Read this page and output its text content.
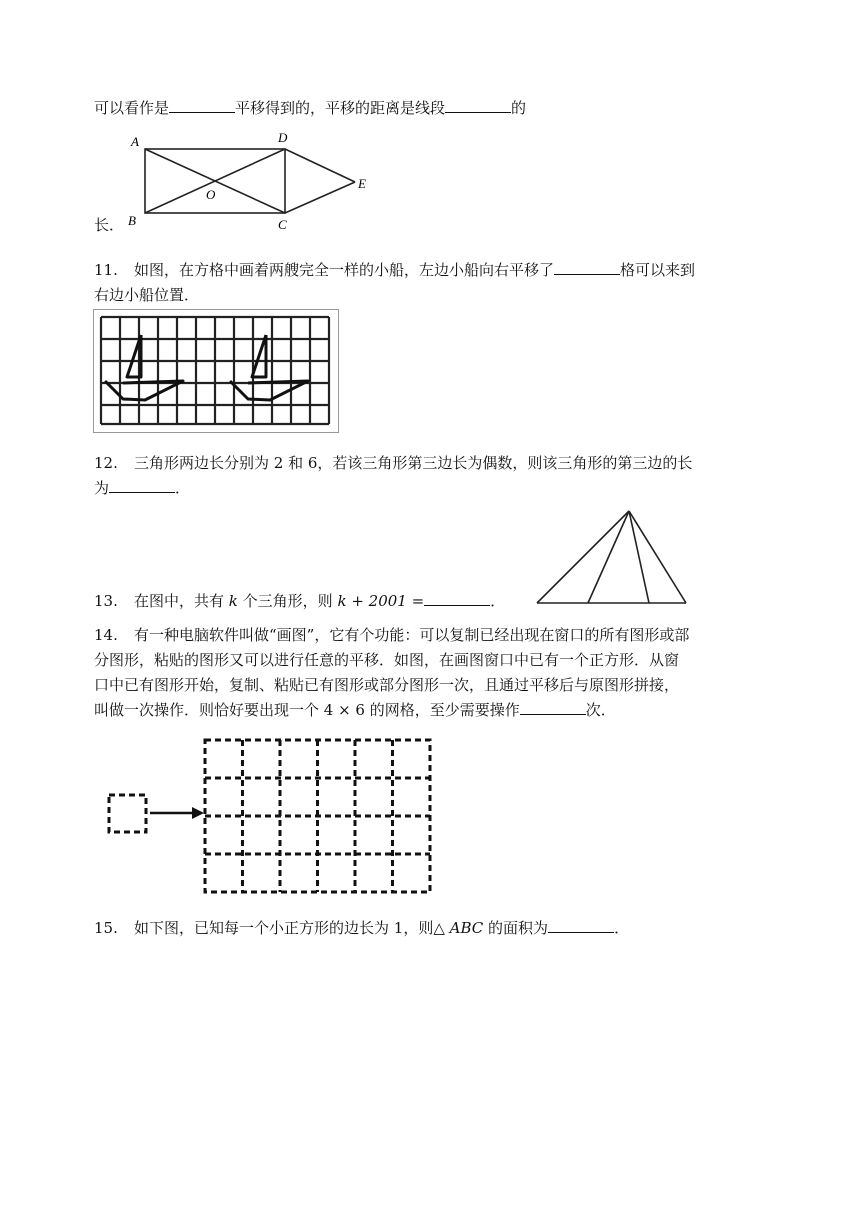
可以看作是	平移得到的，平移的距离是线段	的
A
B	C
D
E
O
长．
11. 如图，在方格中画着两艘完全一样的小船，左边小船向右平移了	格可以来到
右边小船位置．
12. 三角形两边长分别为 2 和 6，若该三角形第三边长为偶数，则该三角形的第三边的长
为	．
13. 在图中，共有 k 个三角形，则 k + 2001 =	．
14. 有一种电脑软件叫做“画图”，它有个功能：可以复制已经出现在窗口的所有图形或部
分图形，粘贴的图形又可以进行任意的平移．如图，在画图窗口中已有一个正方形．从窗
口中已有图形开始，复制、粘贴已有图形或部分图形一次，且通过平移后与原图形拼接，
叫做一次操作．则恰好要出现一个 4 × 6 的网格，至少需要操作	次．
15. 如下图，已知每一个小正方形的边长为 1，则△ ABC 的面积为	．
